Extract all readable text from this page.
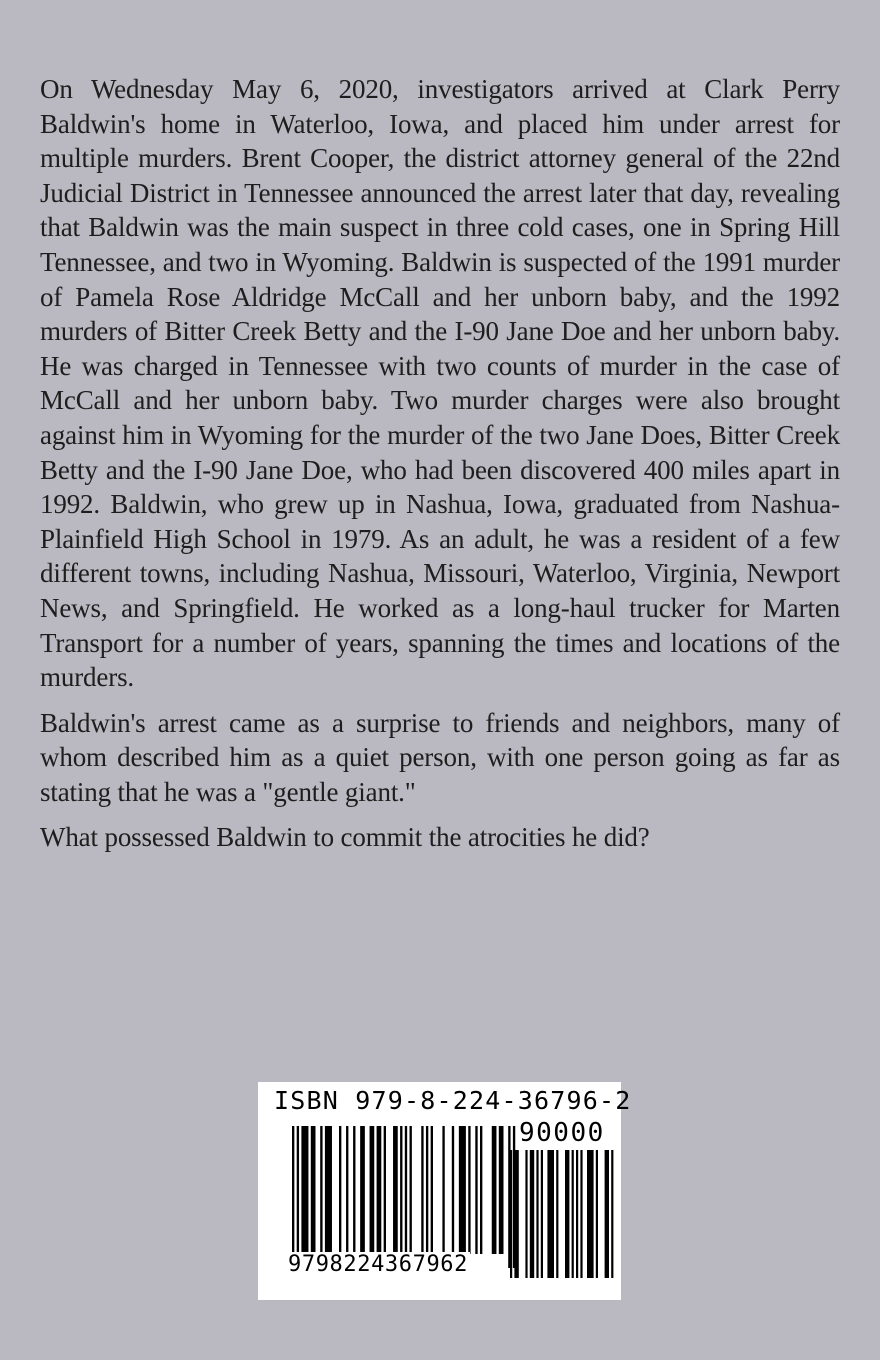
On Wednesday May 6, 2020, investigators arrived at Clark Perry Baldwin's home in Waterloo, Iowa, and placed him under arrest for multiple murders. Brent Cooper, the district attorney general of the 22nd Judicial District in Tennessee announced the arrest later that day, revealing that Baldwin was the main suspect in three cold cases, one in Spring Hill Tennessee, and two in Wyoming. Baldwin is suspected of the 1991 murder of Pamela Rose Aldridge McCall and her unborn baby, and the 1992 murders of Bitter Creek Betty and the I-90 Jane Doe and her unborn baby. He was charged in Tennessee with two counts of murder in the case of McCall and her unborn baby. Two murder charges were also brought against him in Wyoming for the murder of the two Jane Does, Bitter Creek Betty and the I-90 Jane Doe, who had been discovered 400 miles apart in 1992. Baldwin, who grew up in Nashua, Iowa, graduated from Nashua-Plainfield High School in 1979. As an adult, he was a resident of a few different towns, including Nashua, Missouri, Waterloo, Virginia, Newport News, and Springfield. He worked as a long-haul trucker for Marten Transport for a number of years, spanning the times and locations of the murders.

Baldwin's arrest came as a surprise to friends and neighbors, many of whom described him as a quiet person, with one person going as far as stating that he was a "gentle giant."

What possessed Baldwin to commit the atrocities he did?

ISBN 979-8-224-36796-2
90000
9798224367962
